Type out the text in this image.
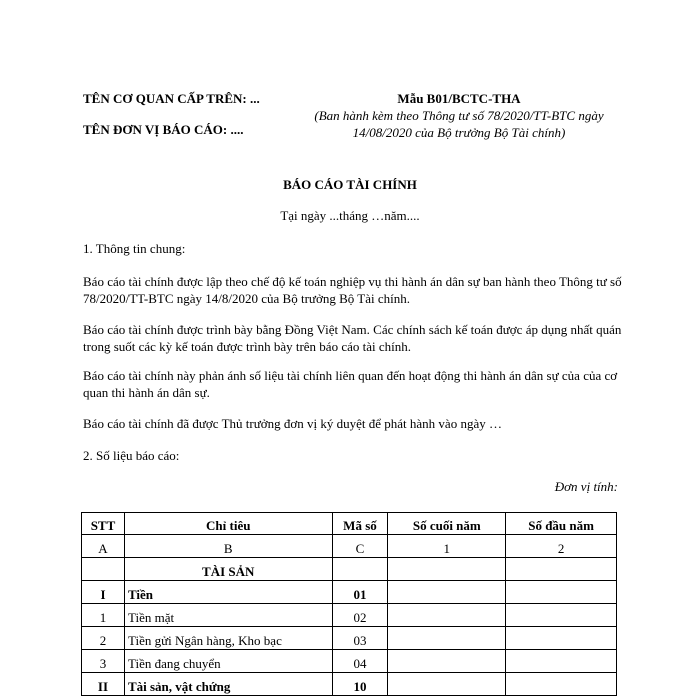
TÊN CƠ QUAN CẤP TRÊN: ...
TÊN ĐƠN VỊ BÁO CÁO: ....
Mẫu B01/BCTC-THA
(Ban hành kèm theo Thông tư số 78/2020/TT-BTC ngày
14/08/2020 của Bộ trưởng Bộ Tài chính)
BÁO CÁO TÀI CHÍNH
Tại ngày ...tháng …năm....
1. Thông tin chung:
Báo cáo tài chính được lập theo chế độ kế toán nghiệp vụ thi hành án dân sự ban hành theo Thông tư số 78/2020/TT-BTC ngày 14/8/2020 của Bộ trưởng Bộ Tài chính.
Báo cáo tài chính được trình bày bằng Đồng Việt Nam. Các chính sách kế toán được áp dụng nhất quán trong suốt các kỳ kế toán được trình bày trên báo cáo tài chính.
Báo cáo tài chính này phản ánh số liệu tài chính liên quan đến hoạt động thi hành án dân sự của của cơ quan thi hành án dân sự.
Báo cáo tài chính đã được Thủ trưởng đơn vị ký duyệt để phát hành vào ngày …
2. Số liệu báo cáo:
Đơn vị tính:
STT	Chỉ tiêu	Mã số	Số cuối năm	Số đầu năm
A	B	C	1	2
	TÀI SẢN			
I	Tiền	01		
1	Tiền mặt	02		
2	Tiền gửi Ngân hàng, Kho bạc	03		
3	Tiền đang chuyển	04		
II	Tài sản, vật chứng	10		
